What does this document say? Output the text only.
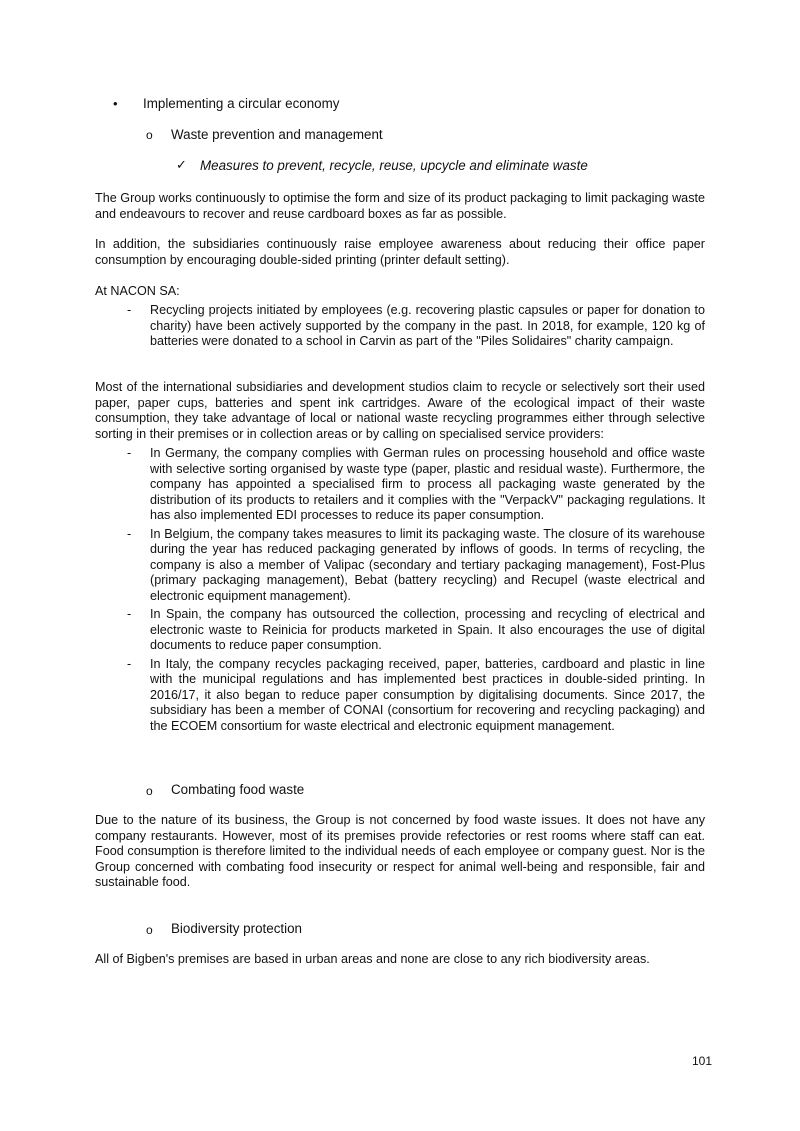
• Implementing a circular economy
o Waste prevention and management
✓ Measures to prevent, recycle, reuse, upcycle and eliminate waste

The Group works continuously to optimise the form and size of its product packaging to limit packaging waste and endeavours to recover and reuse cardboard boxes as far as possible.

In addition, the subsidiaries continuously raise employee awareness about reducing their office paper consumption by encouraging double-sided printing (printer default setting).

At NACON SA:

- Recycling projects initiated by employees (e.g. recovering plastic capsules or paper for donation to charity) have been actively supported by the company in the past. In 2018, for example, 120 kg of batteries were donated to a school in Carvin as part of the "Piles Solidaires" charity campaign.

Most of the international subsidiaries and development studios claim to recycle or selectively sort their used paper, paper cups, batteries and spent ink cartridges. Aware of the ecological impact of their waste consumption, they take advantage of local or national waste recycling programmes either through selective sorting in their premises or in collection areas or by calling on specialised service providers:

- In Germany, the company complies with German rules on processing household and office waste with selective sorting organised by waste type (paper, plastic and residual waste). Furthermore, the company has appointed a specialised firm to process all packaging waste generated by the distribution of its products to retailers and it complies with the "VerpackV" packaging regulations. It has also implemented EDI processes to reduce its paper consumption.
- In Belgium, the company takes measures to limit its packaging waste. The closure of its warehouse during the year has reduced packaging generated by inflows of goods. In terms of recycling, the company is also a member of Valipac (secondary and tertiary packaging management), Fost-Plus (primary packaging management), Bebat (battery recycling) and Recupel (waste electrical and electronic equipment management).
- In Spain, the company has outsourced the collection, processing and recycling of electrical and electronic waste to Reinicia for products marketed in Spain. It also encourages the use of digital documents to reduce paper consumption.
- In Italy, the company recycles packaging received, paper, batteries, cardboard and plastic in line with the municipal regulations and has implemented best practices in double-sided printing. In 2016/17, it also began to reduce paper consumption by digitalising documents. Since 2017, the subsidiary has been a member of CONAI (consortium for recovering and recycling packaging) and the ECOEM consortium for waste electrical and electronic equipment management.
o Combating food waste

Due to the nature of its business, the Group is not concerned by food waste issues. It does not have any company restaurants. However, most of its premises provide refectories or rest rooms where staff can eat. Food consumption is therefore limited to the individual needs of each employee or company guest. Nor is the Group concerned with combating food insecurity or respect for animal well-being and responsible, fair and sustainable food.

o Biodiversity protection

All of Bigben's premises are based in urban areas and none are close to any rich biodiversity areas.

101
